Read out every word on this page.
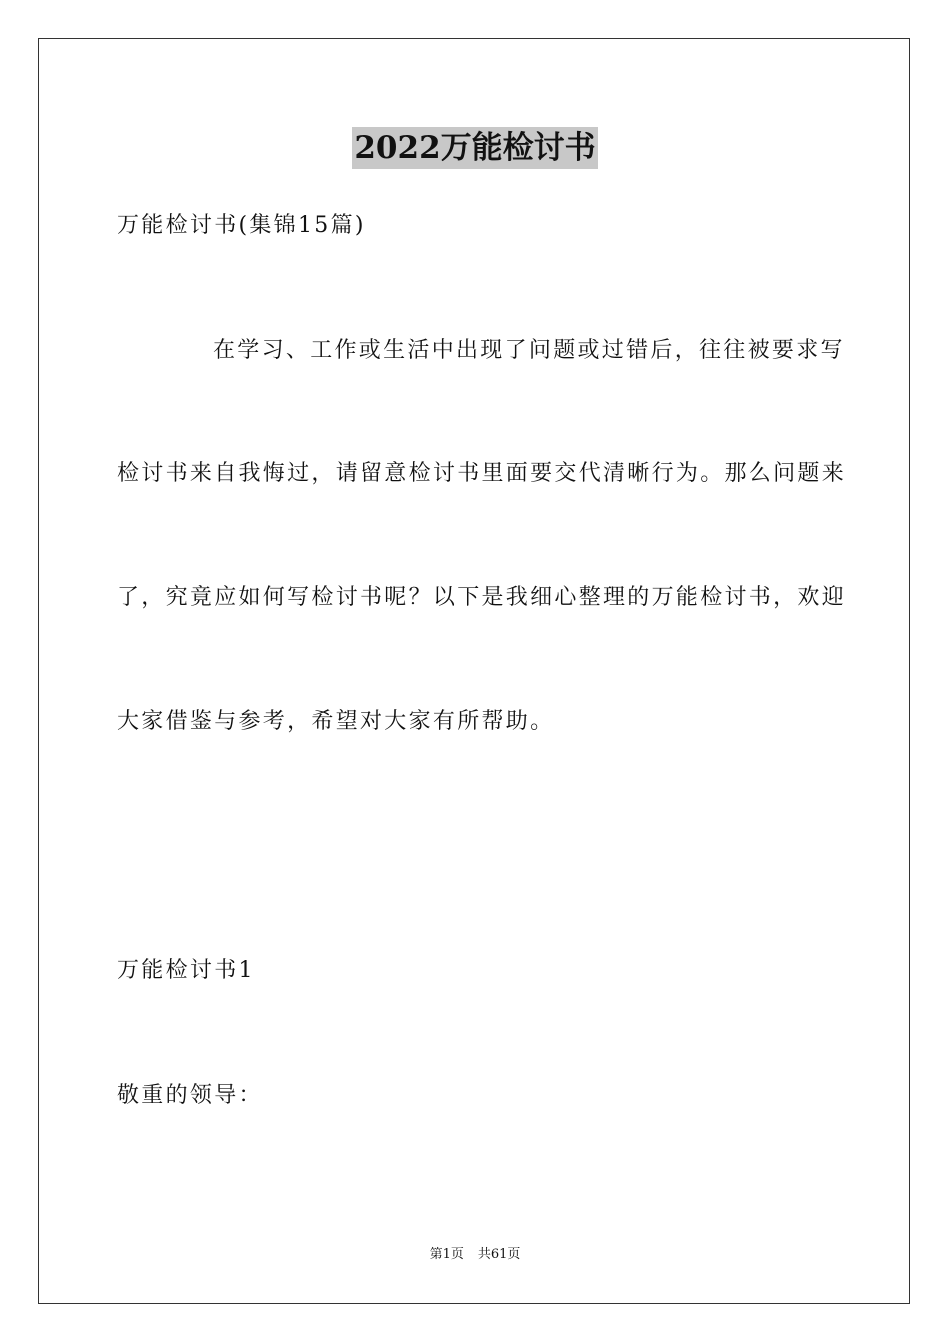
2022万能检讨书
万能检讨书(集锦15篇)
在学习、工作或生活中出现了问题或过错后，往往被要求写
检讨书来自我悔过，请留意检讨书里面要交代清晰行为。那么问题来
了，究竟应如何写检讨书呢？以下是我细心整理的万能检讨书，欢迎
大家借鉴与参考，希望对大家有所帮助。
万能检讨书1
敬重的领导：
第1页 共61页
